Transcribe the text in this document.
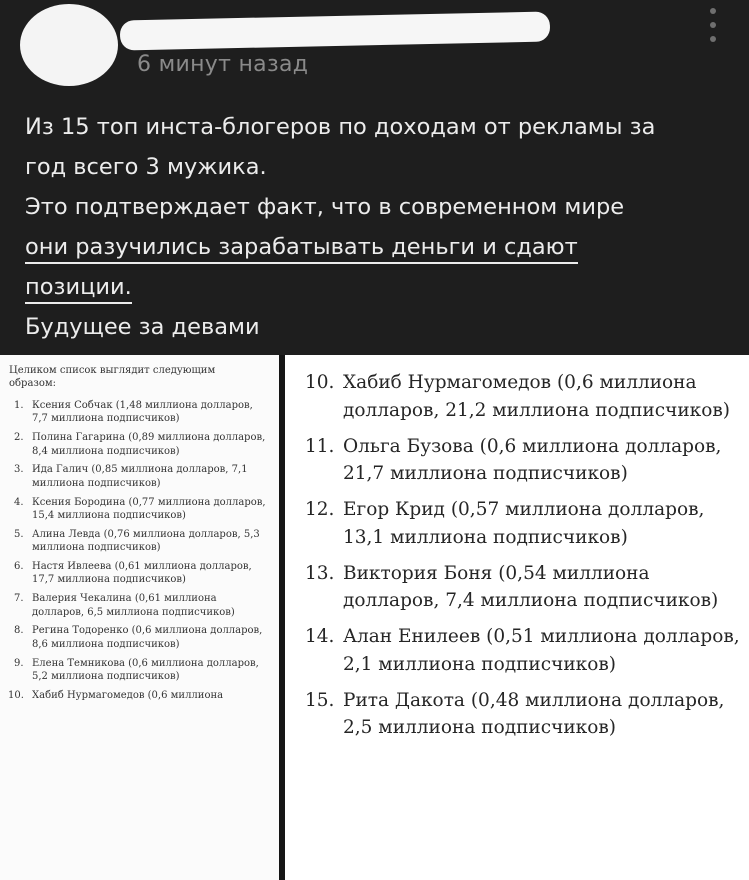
6 минут назад
Из 15 топ инста-блогеров по доходам от рекламы за
год всего 3 мужика.
Это подтверждает факт, что в современном мире
они разучились зарабатывать деньги и сдают
позиции.
Будущее за девами
Целиком список выглядит следующим образом:
1. Ксения Собчак (1,48 миллиона долларов, 7,7 миллиона подписчиков)
2. Полина Гагарина (0,89 миллиона долларов, 8,4 миллиона подписчиков)
3. Ида Галич (0,85 миллиона долларов, 7,1 миллиона подписчиков)
4. Ксения Бородина (0,77 миллиона долларов, 15,4 миллиона подписчиков)
5. Алина Левда (0,76 миллиона долларов, 5,3 миллиона подписчиков)
6. Настя Ивлеева (0,61 миллиона долларов, 17,7 миллиона подписчиков)
7. Валерия Чекалина (0,61 миллиона долларов, 6,5 миллиона подписчиков)
8. Регина Тодоренко (0,6 миллиона долларов, 8,6 миллиона подписчиков)
9. Елена Темникова (0,6 миллиона долларов, 5,2 миллиона подписчиков)
10. Хабиб Нурмагомедов (0,6 миллиона
10. Хабиб Нурмагомедов (0,6 миллиона долларов, 21,2 миллиона подписчиков)
11. Ольга Бузова (0,6 миллиона долларов, 21,7 миллиона подписчиков)
12. Егор Крид (0,57 миллиона долларов, 13,1 миллиона подписчиков)
13. Виктория Боня (0,54 миллиона долларов, 7,4 миллиона подписчиков)
14. Алан Енилеев (0,51 миллиона долларов, 2,1 миллиона подписчиков)
15. Рита Дакота (0,48 миллиона долларов, 2,5 миллиона подписчиков)
